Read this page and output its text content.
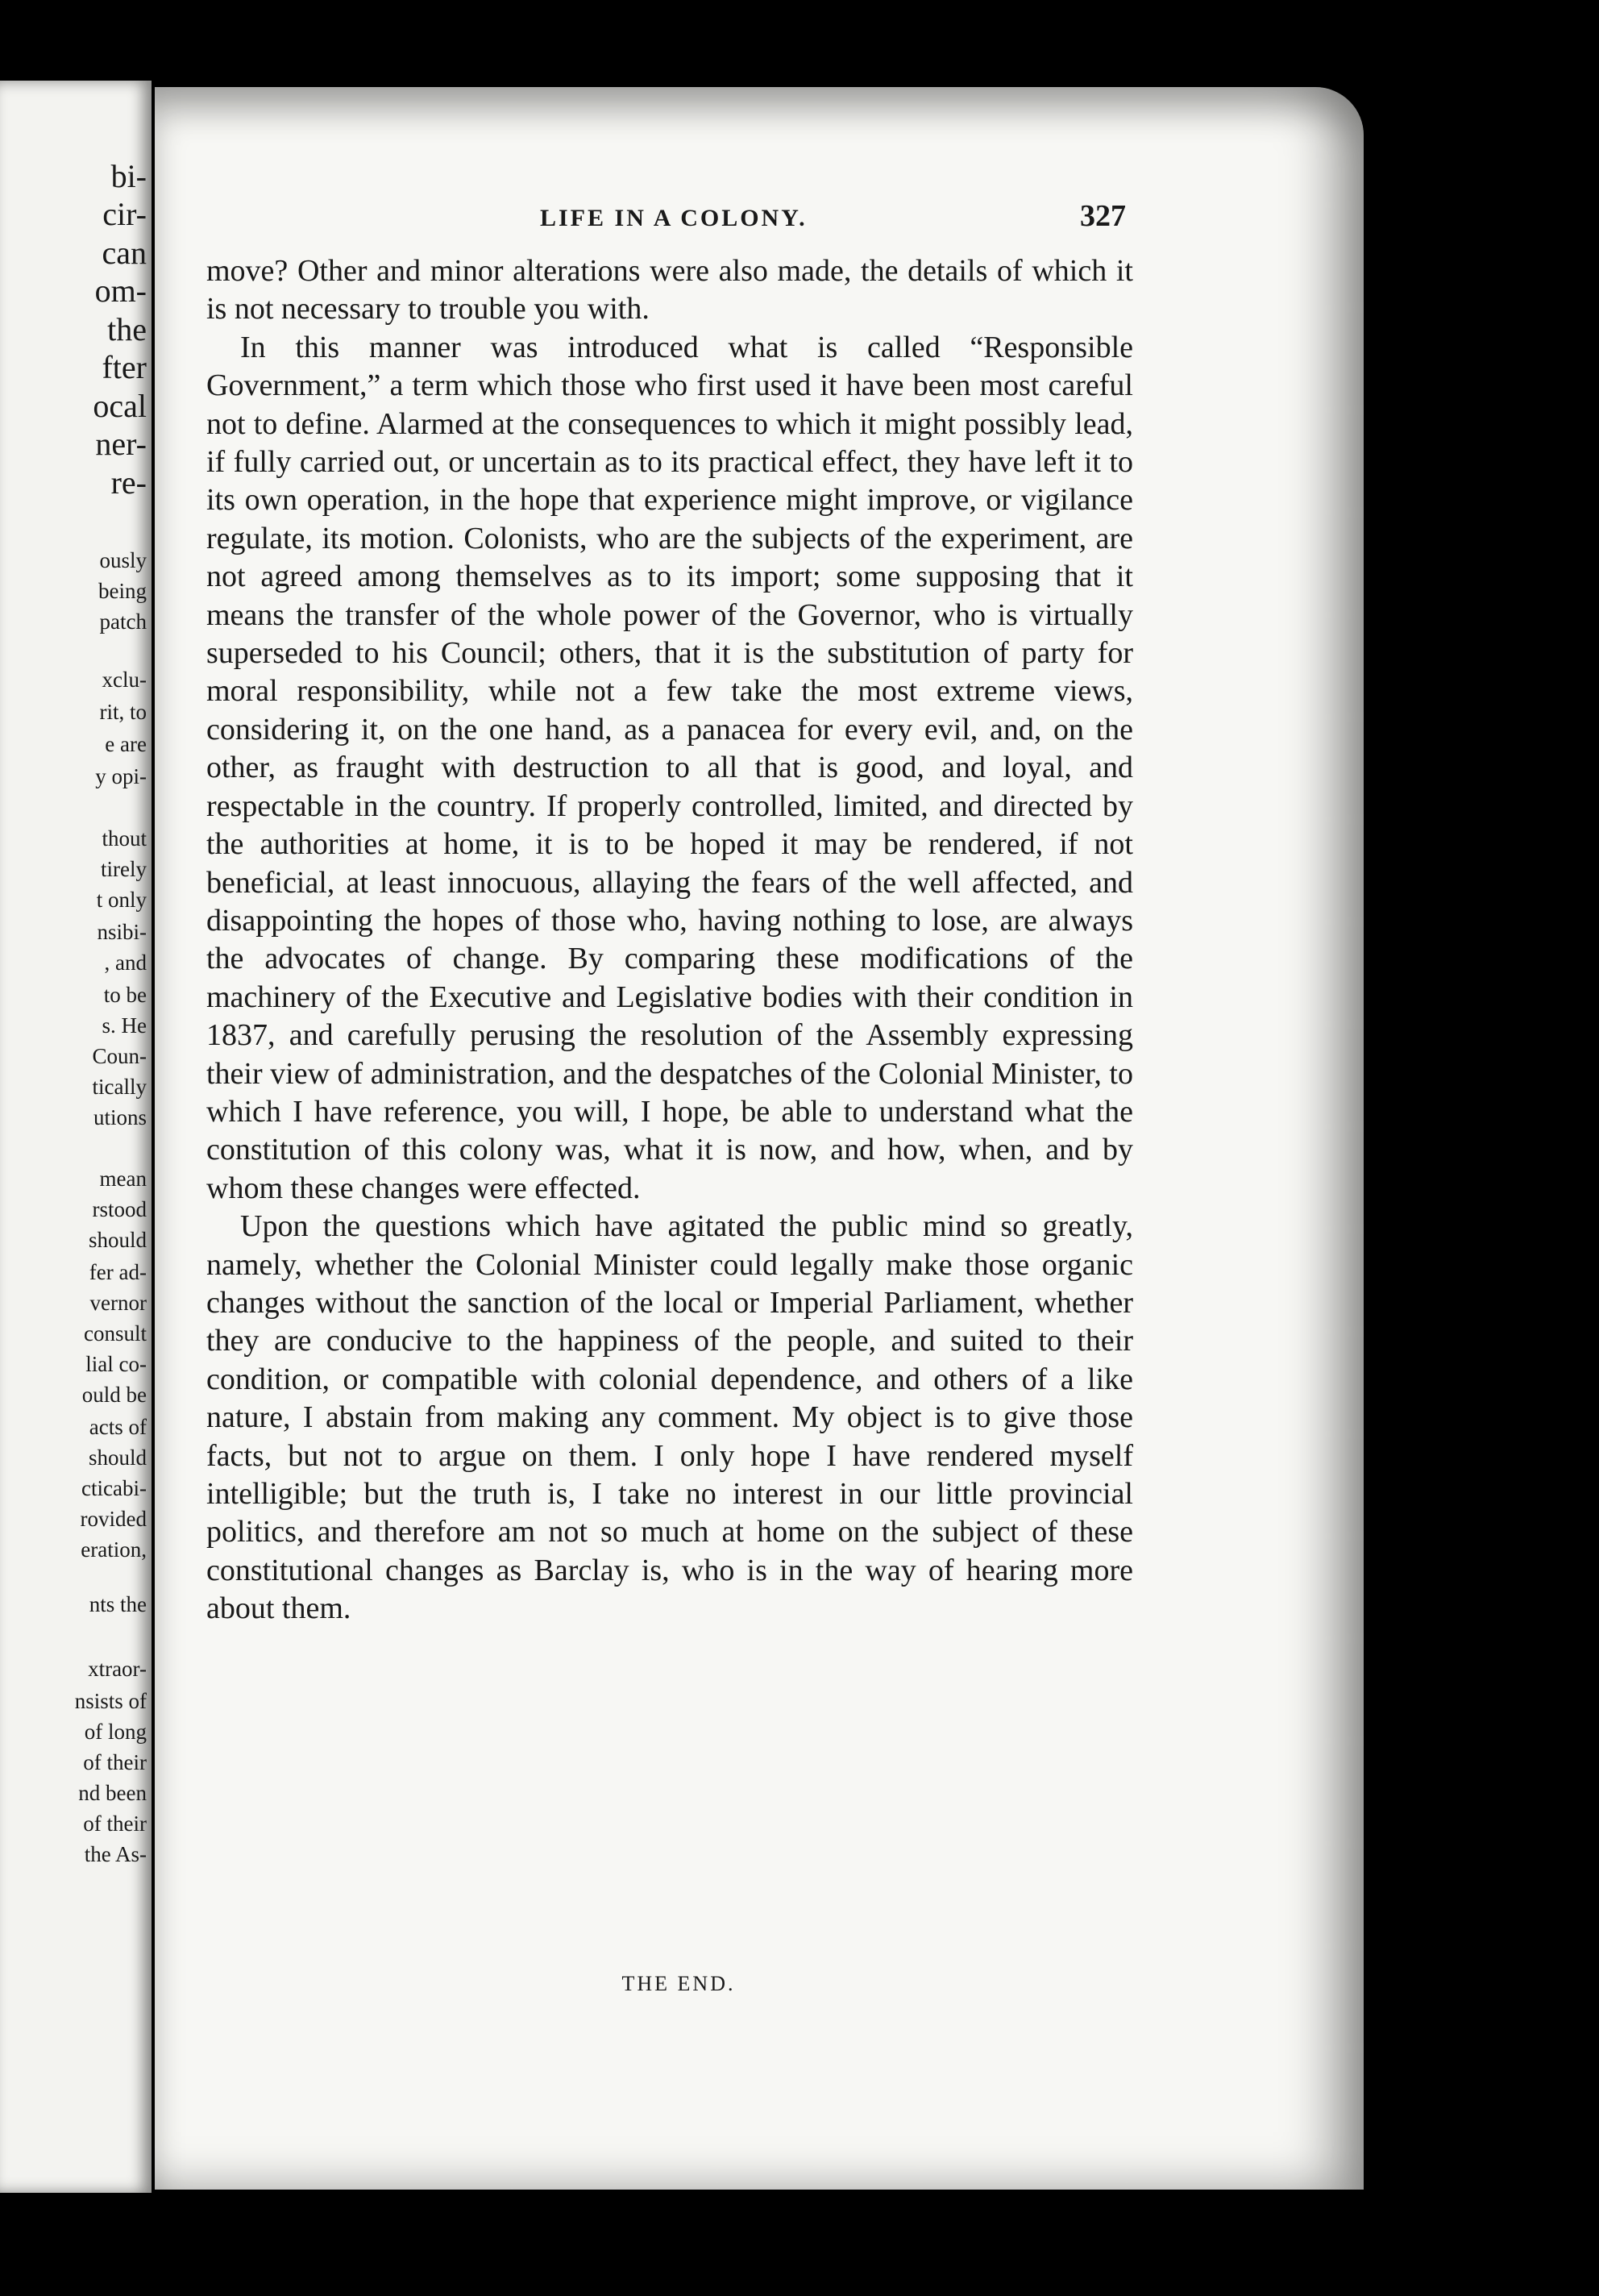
bi-
cir-
can
om-
the
fter
ocal
ner-
re-
ously
being
patch
xclu-
rit, to
e are
y opi-
thout
tirely
t only
nsibi-
, and
to be
s. He
Coun-
tically
utions
mean
rstood
should
fer ad-
vernor
consult
lial co-
ould be
acts of
should
cticabi-
rovided
eration,
nts the
xtraor-
nsists of
of long
of their
nd been
of their
the As-
LIFE IN A COLONY.	327

move? Other and minor alterations were also made, the details of which it is not necessary to trouble you with.

In this manner was introduced what is called “Responsible Government,” a term which those who first used it have been most careful not to define. Alarmed at the consequences to which it might possibly lead, if fully carried out, or uncertain as to its practical effect, they have left it to its own operation, in the hope that experience might improve, or vigilance regulate, its motion. Colonists, who are the subjects of the experiment, are not agreed among themselves as to its import; some supposing that it means the transfer of the whole power of the Governor, who is virtually superseded to his Council; others, that it is the substitution of party for moral responsibility, while not a few take the most extreme views, considering it, on the one hand, as a panacea for every evil, and, on the other, as fraught with destruction to all that is good, and loyal, and respectable in the country. If properly controlled, limited, and directed by the authorities at home, it is to be hoped it may be rendered, if not beneficial, at least innocuous, allaying the fears of the well affected, and disappointing the hopes of those who, having nothing to lose, are always the advocates of change. By comparing these modifications of the machinery of the Executive and Legislative bodies with their condition in 1837, and carefully perusing the resolution of the Assembly expressing their view of administration, and the despatches of the Colonial Minister, to which I have reference, you will, I hope, be able to understand what the constitution of this colony was, what it is now, and how, when, and by whom these changes were effected.

Upon the questions which have agitated the public mind so greatly, namely, whether the Colonial Minister could legally make those organic changes without the sanction of the local or Imperial Parliament, whether they are conducive to the happiness of the people, and suited to their condition, or compatible with colonial dependence, and others of a like nature, I abstain from making any comment. My object is to give those facts, but not to argue on them. I only hope I have rendered myself intelligible; but the truth is, I take no interest in our little provincial politics, and therefore am not so much at home on the subject of these constitutional changes as Barclay is, who is in the way of hearing more about them.

THE END.
